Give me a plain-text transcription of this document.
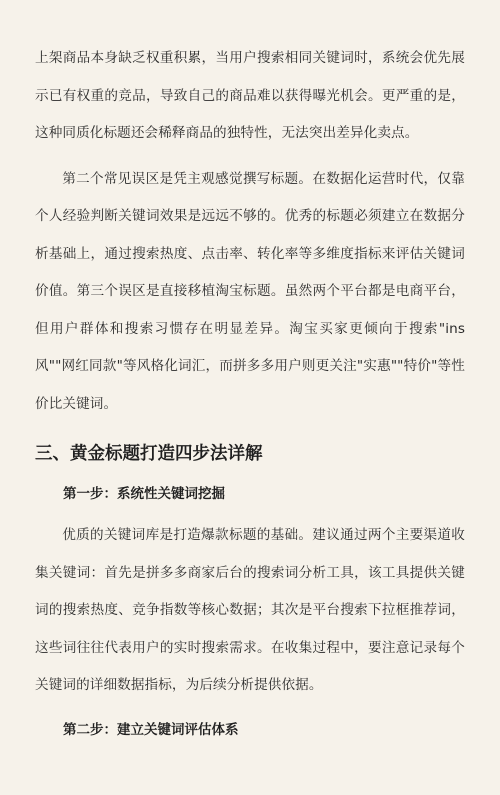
上架商品本身缺乏权重积累，当用户搜索相同关键词时，系统会优先展示已有权重的竞品，导致自己的商品难以获得曝光机会。更严重的是，这种同质化标题还会稀释商品的独特性，无法突出差异化卖点。

第二个常见误区是凭主观感觉撰写标题。在数据化运营时代，仅靠个人经验判断关键词效果是远远不够的。优秀的标题必须建立在数据分析基础上，通过搜索热度、点击率、转化率等多维度指标来评估关键词价值。第三个误区是直接移植淘宝标题。虽然两个平台都是电商平台，但用户群体和搜索习惯存在明显差异。淘宝买家更倾向于搜索"ins风""网红同款"等风格化词汇，而拼多多用户则更关注"实惠""特价"等性价比关键词。

三、黄金标题打造四步法详解
第一步：系统性关键词挖掘

优质的关键词库是打造爆款标题的基础。建议通过两个主要渠道收集关键词：首先是拼多多商家后台的搜索词分析工具，该工具提供关键词的搜索热度、竞争指数等核心数据；其次是平台搜索下拉框推荐词，这些词往往代表用户的实时搜索需求。在收集过程中，要注意记录每个关键词的详细数据指标，为后续分析提供依据。

第二步：建立关键词评估体系
